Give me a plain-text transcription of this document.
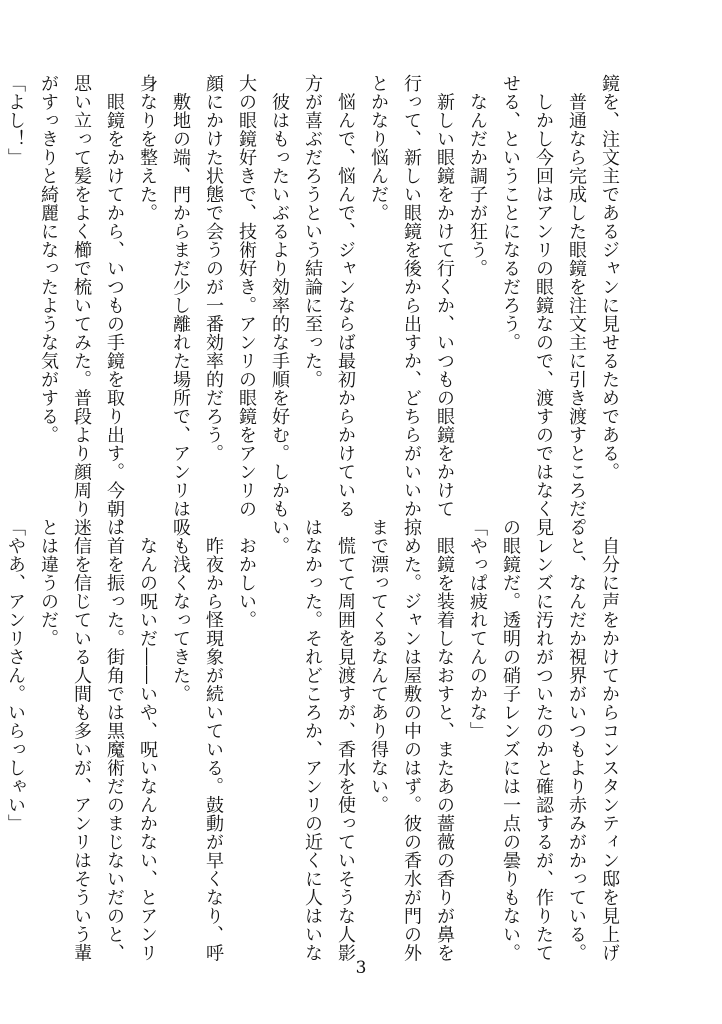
鏡を、注文主であるジャンに見せるためである。
　普通なら完成した眼鏡を注文主に引き渡すところだ。
　しかし今回はアンリの眼鏡なので、渡すのではなく見
せる、ということになるだろう。
　なんだか調子が狂う。
　新しい眼鏡をかけて行くか、いつもの眼鏡をかけて
行って、新しい眼鏡を後から出すか、どちらがいいか
とかなり悩んだ。
　悩んで、悩んで、ジャンならば最初からかけている
方が喜ぶだろうという結論に至った。
　彼はもったいぶるより効率的な手順を好む。しかも
大の眼鏡好きで、技術好き。アンリの眼鏡をアンリの
顔にかけた状態で会うのが一番効率的だろう。
　敷地の端、門からまだ少し離れた場所で、アンリは
身なりを整えた。
　眼鏡をかけてから、いつもの手鏡を取り出す。今朝、
思い立って髪をよく櫛で梳いてみた。普段より顔周り
がすっきりと綺麗になったような気がする。
「よし！」
　自分に声をかけてからコンスタンティン邸を見上げ
ると、なんだか視界がいつもより赤みがかっている。
　レンズに汚れがついたのかと確認するが、作りたて
の眼鏡だ。透明の硝子レンズには一点の曇りもない。
「やっぱ疲れてんのかな」
　眼鏡を装着しなおすと、またあの薔薇の香りが鼻を
掠めた。ジャンは屋敷の中のはず。彼の香水が門の外
まで漂ってくるなんてあり得ない。
　慌てて周囲を見渡すが、香水を使っていそうな人影
はなかった。それどころか、アンリの近くに人はいな
い。
　おかしい。
　昨夜から怪現象が続いている。鼓動が早くなり、呼
吸も浅くなってきた。
　なんの呪いだ――いや、呪いなんかない、とアンリ
は首を振った。街角では黒魔術だのまじないだのと、
迷信を信じている人間も多いが、アンリはそういう輩
とは違うのだ。
「やあ、アンリさん。いらっしゃい」
3
